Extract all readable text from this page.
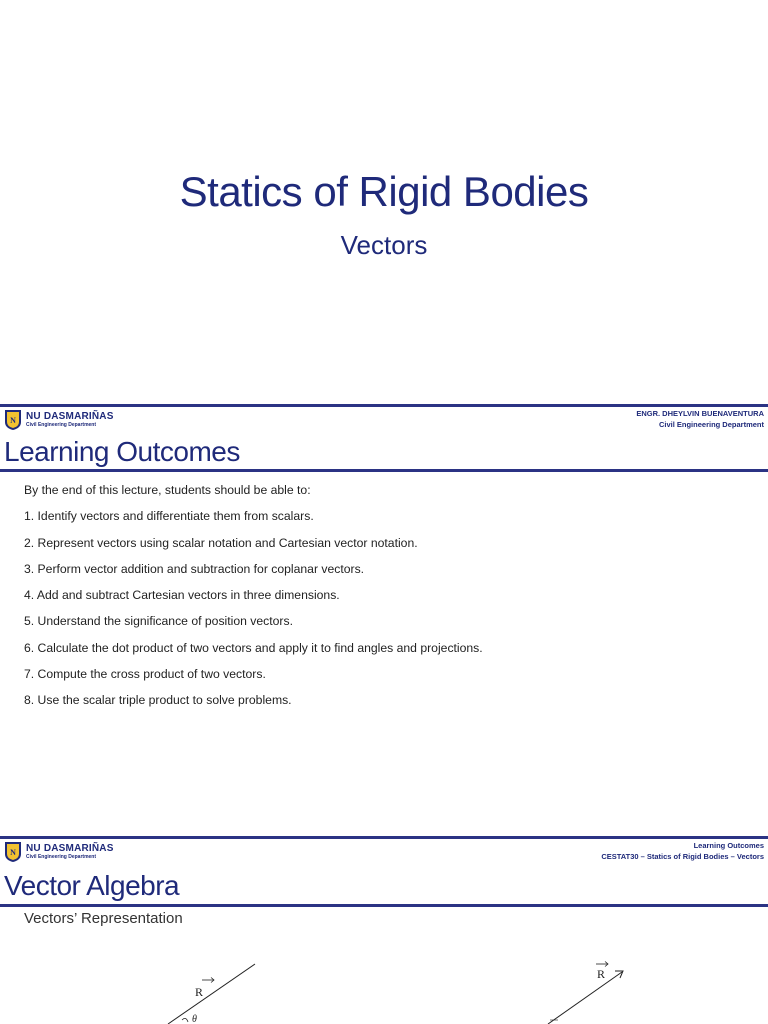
Statics of Rigid Bodies
Vectors
N NU DASMARIÑAS
Civil Engineering Department
ENGR. DHEYLVIN BUENAVENTURA
Civil Engineering Department
Learning Outcomes
By the end of this lecture, students should be able to:
1. Identify vectors and differentiate them from scalars.
2. Represent vectors using scalar notation and Cartesian vector notation.
3. Perform vector addition and subtraction for coplanar vectors.
4. Add and subtract Cartesian vectors in three dimensions.
5. Understand the significance of position vectors.
6. Calculate the dot product of two vectors and apply it to find angles and projections.
7. Compute the cross product of two vectors.
8. Use the scalar triple product to solve problems.
N NU DASMARIÑAS
Civil Engineering Department
Learning Outcomes
CESTAT30 – Statics of Rigid Bodies – Vectors
Vector Algebra
Vectors’ Representation
R
θ
R
